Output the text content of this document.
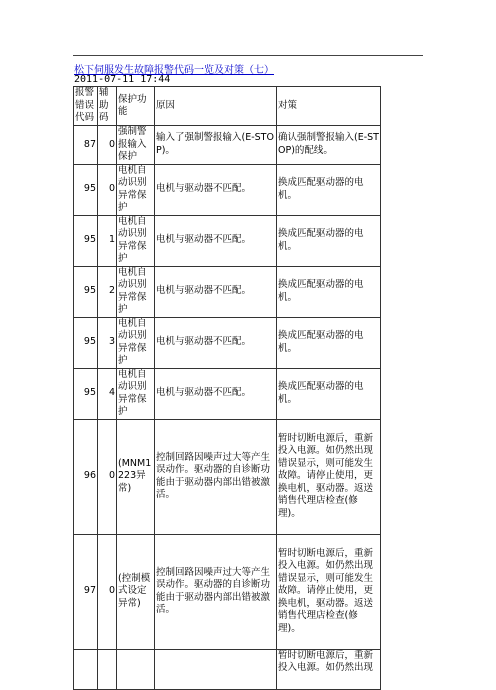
松下伺服发生故障报警代码一览及对策（七）
2011-07-11 17:44
报警错误代码	辅助码	保护功能	原因	对策
87	0	强制警报输入保护	输入了强制警报输入(E-STOP)。	确认强制警报输入(E-STOP)的配线。
95	0	电机自动识别异常保护	电机与驱动器不匹配。	换成匹配驱动器的电机。
95	1	电机自动识别异常保护	电机与驱动器不匹配。	换成匹配驱动器的电机。
95	2	电机自动识别异常保护	电机与驱动器不匹配。	换成匹配驱动器的电机。
95	3	电机自动识别异常保护	电机与驱动器不匹配。	换成匹配驱动器的电机。
95	4	电机自动识别异常保护	电机与驱动器不匹配。	换成匹配驱动器的电机。
96	0	(MNM1223异常)	控制回路因噪声过大等产生误动作。驱动器的自诊断功能由于驱动器内部出错被激活。	暂时切断电源后，重新投入电源。如仍然出现错误显示，则可能发生故障。请停止使用，更换电机，驱动器。返送销售代理店检查(修理)。
97	0	(控制模式设定异常)	控制回路因噪声过大等产生误动作。驱动器的自诊断功能由于驱动器内部出错被激活。	暂时切断电源后，重新投入电源。如仍然出现错误显示，则可能发生故障。请停止使用，更换电机，驱动器。返送销售代理店检查(修理)。
				暂时切断电源后，重新投入电源。如仍然出现
